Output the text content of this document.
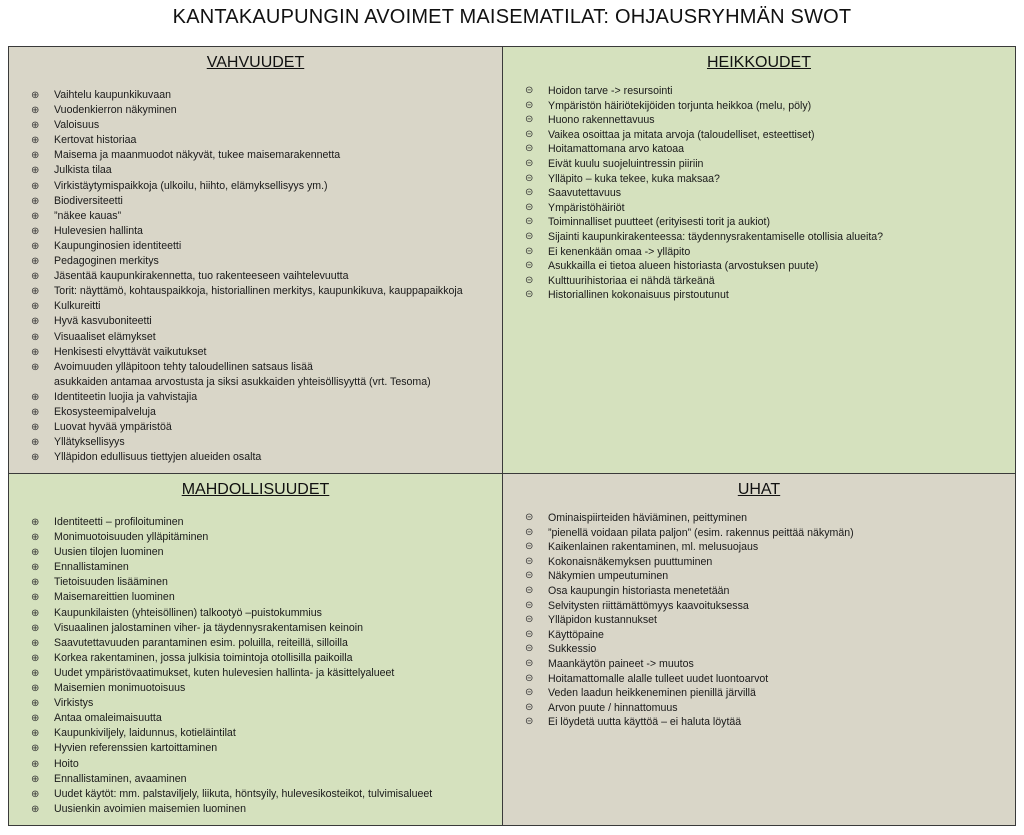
KANTAKAUPUNGIN AVOIMET MAISEMATILAT: OHJAUSRYHMÄN SWOT
VAHVUUDET
⊕	Vaihtelu kaupunkikuvaan
⊕	Vuodenkierron näkyminen
⊕	Valoisuus
⊕	Kertovat historiaa
⊕	Maisema ja maanmuodot näkyvät, tukee maisemarakennetta
⊕	Julkista tilaa
⊕	Virkistäytymispaikkoja (ulkoilu, hiihto, elämyksellisyys ym.)
⊕	Biodiversiteetti
⊕	”näkee kauas”
⊕	Hulevesien hallinta
⊕	Kaupunginosien identiteetti
⊕	Pedagoginen merkitys
⊕	Jäsentää kaupunkirakennetta, tuo rakenteeseen vaihtelevuutta
⊕	Torit: näyttämö, kohtauspaikkoja, historiallinen merkitys, kaupunkikuva, kauppapaikkoja
⊕	Kulkureitti
⊕	Hyvä kasvuboniteetti
⊕	Visuaaliset elämykset
⊕	Henkisesti elvyttävät vaikutukset
⊕	Avoimuuden ylläpitoon tehty taloudellinen satsaus lisää
asukkaiden antamaa arvostusta ja siksi asukkaiden yhteisöllisyyttä (vrt. Tesoma)
⊕	Identiteetin luojia ja vahvistajia
⊕	Ekosysteemipalveluja
⊕	Luovat hyvää ympäristöä
⊕	Yllätyksellisyys
⊕	Ylläpidon edullisuus tiettyjen alueiden osalta
HEIKKOUDET
⊝	Hoidon tarve -> resursointi
⊝	Ympäristön häiriötekijöiden torjunta heikkoa (melu, pöly)
⊝	Huono rakennettavuus
⊝	Vaikea osoittaa ja mitata arvoja (taloudelliset, esteettiset)
⊝	Hoitamattomana arvo katoaa
⊝	Eivät kuulu suojeluintressin piiriin
⊝	Ylläpito – kuka tekee, kuka maksaa?
⊝	Saavutettavuus
⊝	Ympäristöhäiriöt
⊝	Toiminnalliset puutteet (erityisesti torit ja aukiot)
⊝	Sijainti kaupunkirakenteessa: täydennysrakentamiselle otollisia alueita?
⊝	Ei kenenkään omaa -> ylläpito
⊝	Asukkailla ei tietoa alueen historiasta (arvostuksen puute)
⊝	Kulttuurihistoriaa ei nähdä tärkeänä
⊝	Historiallinen kokonaisuus pirstoutunut
MAHDOLLISUUDET
⊕	Identiteetti – profiloituminen
⊕	Monimuotoisuuden ylläpitäminen
⊕	Uusien tilojen luominen
⊕	Ennallistaminen
⊕	Tietoisuuden lisääminen
⊕	Maisemareittien luominen
⊕	Kaupunkilaisten (yhteisöllinen) talkootyö –puistokummius
⊕	Visuaalinen jalostaminen viher- ja täydennysrakentamisen keinoin
⊕	Saavutettavuuden parantaminen esim. poluilla, reiteillä, silloilla
⊕	Korkea rakentaminen, jossa julkisia toimintoja otollisilla paikoilla
⊕	Uudet ympäristövaatimukset, kuten hulevesien hallinta- ja käsittelyalueet
⊕	Maisemien monimuotoisuus
⊕	Virkistys
⊕	Antaa omaleimaisuutta
⊕	Kaupunkiviljely, laidunnus, kotieläintilat
⊕	Hyvien referenssien kartoittaminen
⊕	Hoito
⊕	Ennallistaminen, avaaminen
⊕	Uudet käytöt: mm. palstaviljely, liikuta, höntsyily, hulevesikosteikot, tulvimisalueet
⊕	Uusienkin avoimien maisemien luominen
UHAT
⊝	Ominaispiirteiden häviäminen, peittyminen
⊝	”pienellä voidaan pilata paljon” (esim. rakennus peittää näkymän)
⊝	Kaikenlainen rakentaminen, ml. melusuojaus
⊝	Kokonaisnäkemyksen puuttuminen
⊝	Näkymien umpeutuminen
⊝	Osa kaupungin historiasta menetetään
⊝	Selvitysten riittämättömyys kaavoituksessa
⊝	Ylläpidon kustannukset
⊝	Käyttöpaine
⊝	Sukkessio
⊝	Maankäytön paineet -> muutos
⊝	Hoitamattomalle alalle tulleet uudet luontoarvot
⊝	Veden laadun heikkeneminen pienillä järvillä
⊝	Arvon puute / hinnattomuus
⊝	Ei löydetä uutta käyttöä – ei haluta löytää
